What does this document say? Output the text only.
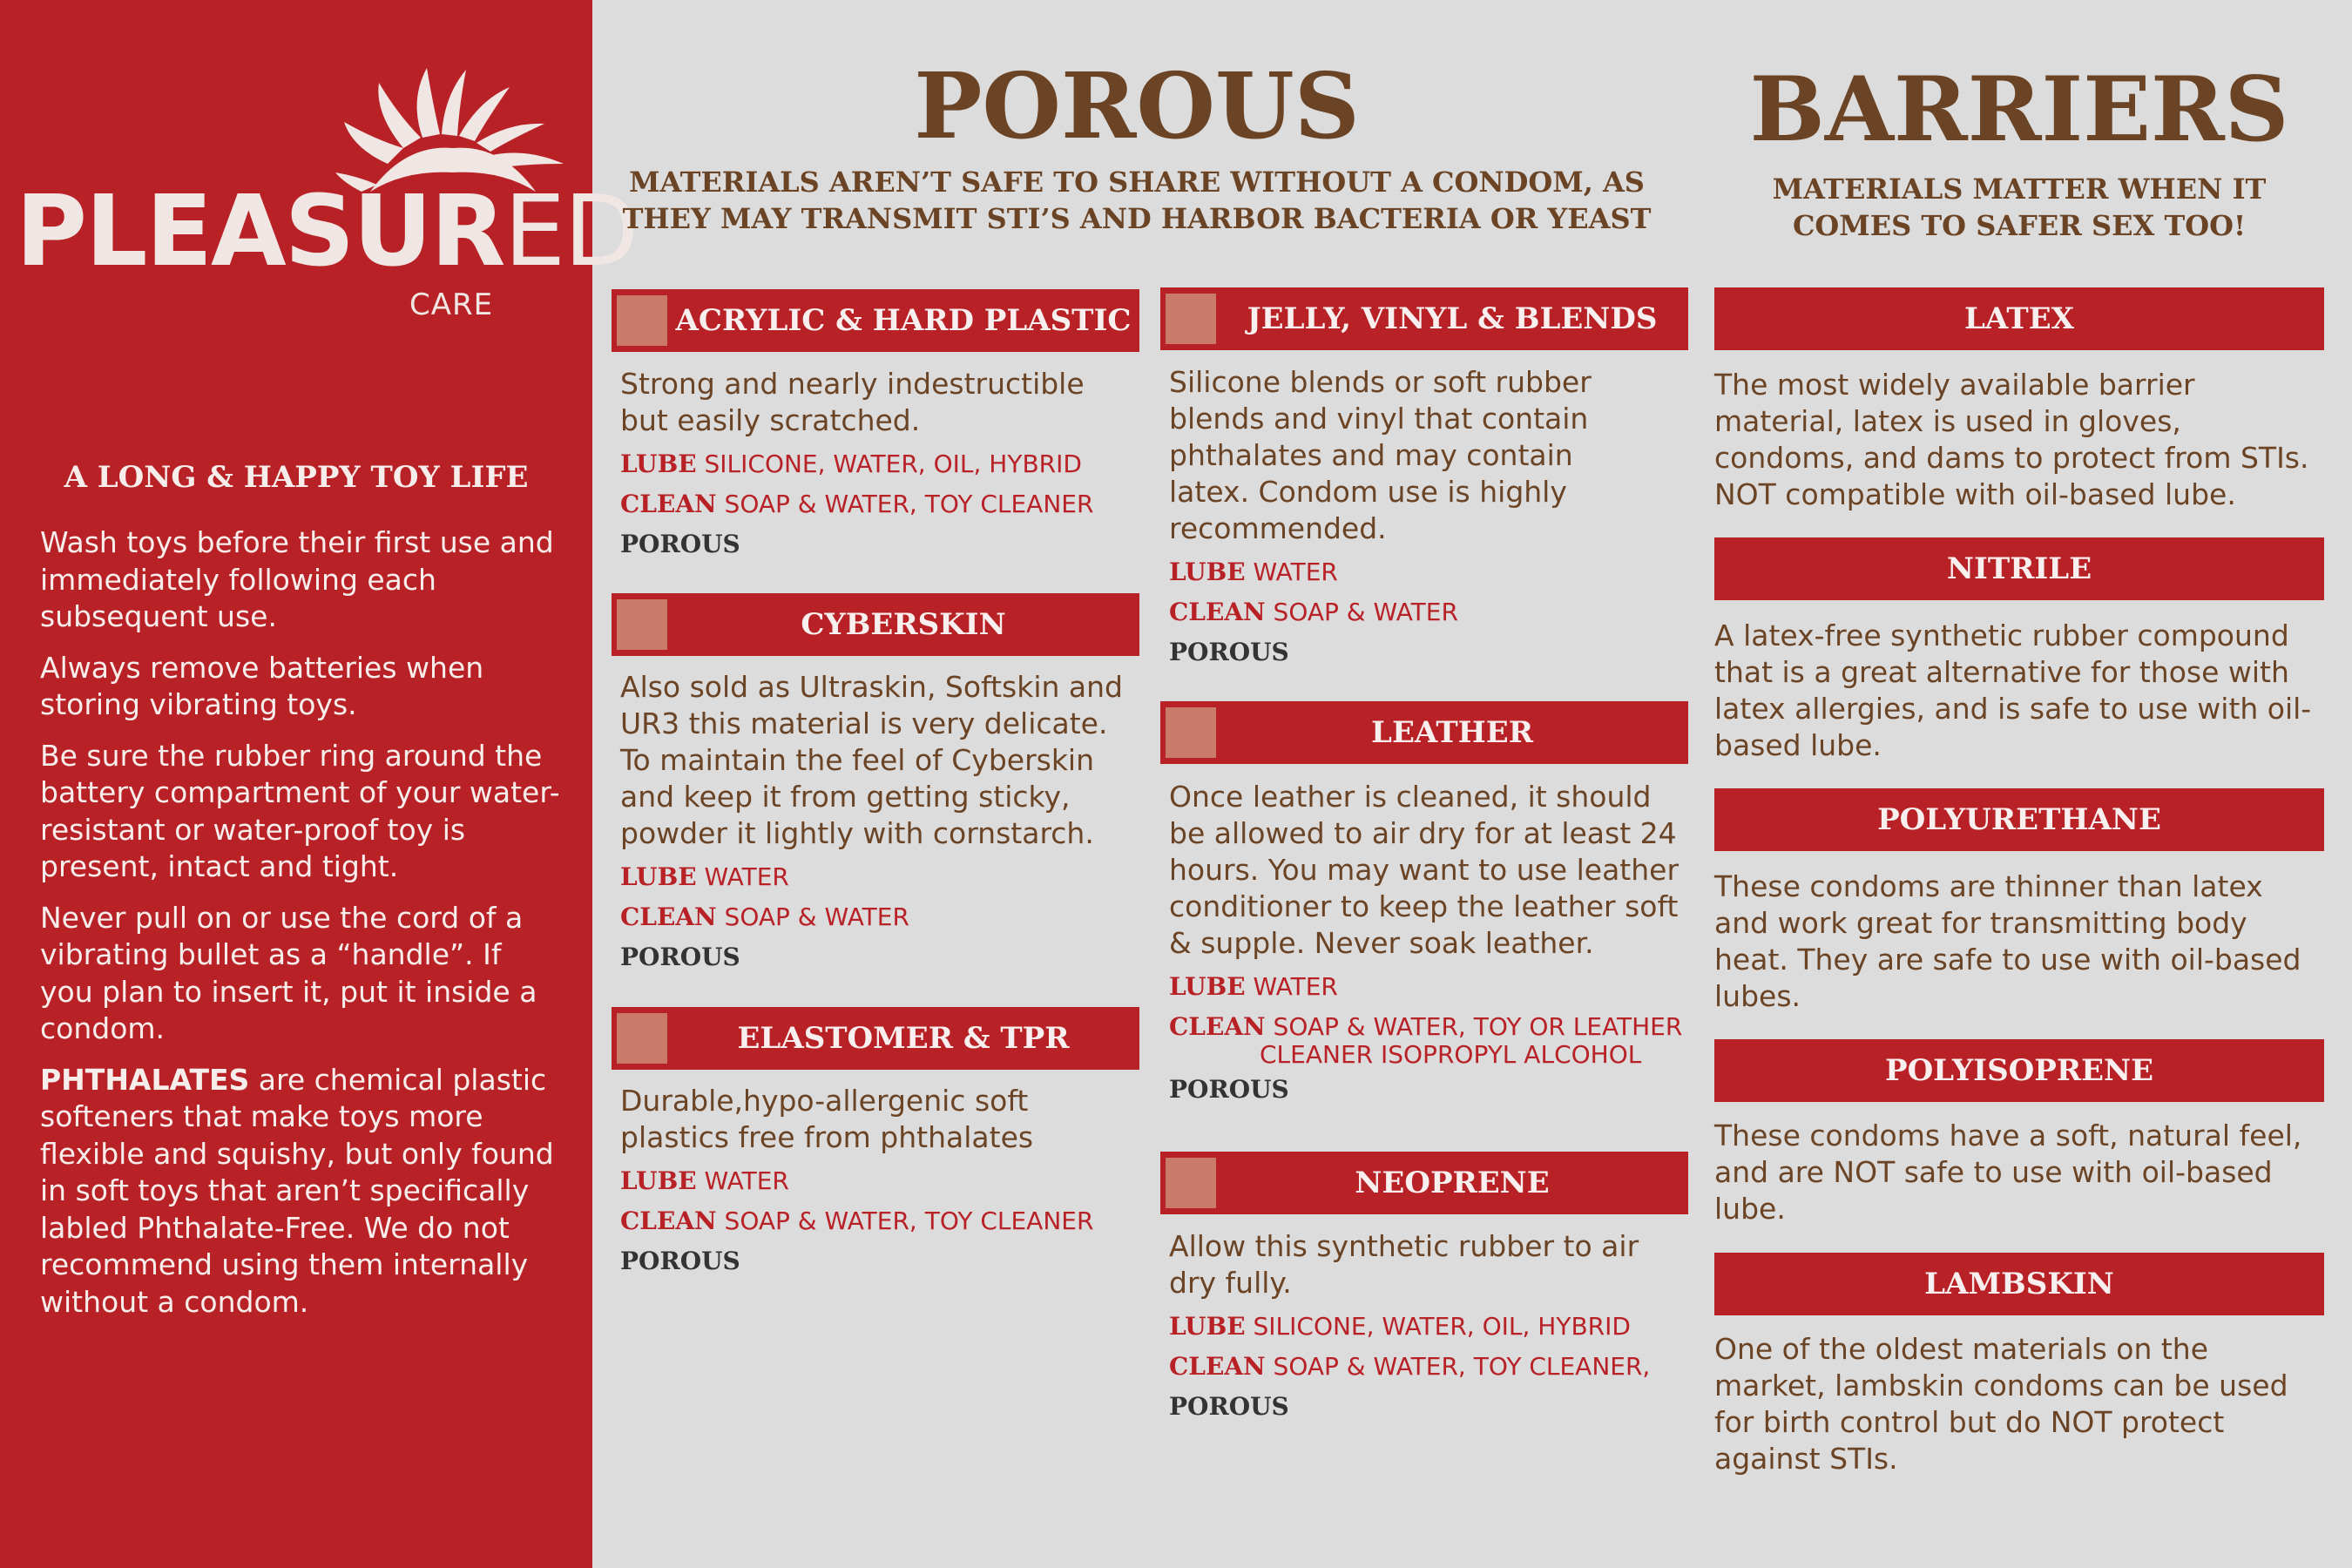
PLEASURED
CARE
A LONG & HAPPY TOY LIFE

Wash toys before their first use and immediately following each subsequent use.

Always remove batteries when storing vibrating toys.

Be sure the rubber ring around the battery compartment of your water-resistant or water-proof toy is present, intact and tight.

Never pull on or use the cord of a vibrating bullet as a “handle”. If you plan to insert it, put it inside a condom.

PHTHALATES are chemical plastic softeners that make toys more flexible and squishy, but only found in soft toys that aren’t specifically labled Phthalate-Free. We do not recommend using them internally without a condom.

POROUS
MATERIALS AREN’T SAFE TO SHARE WITHOUT A CONDOM, AS
THEY MAY TRANSMIT STI’S AND HARBOR BACTERIA OR YEAST
BARRIERS
MATERIALS MATTER WHEN IT
COMES TO SAFER SEX TOO!
ACRYLIC & HARD PLASTIC

Strong and nearly indestructible but easily scratched.

LUBE SILICONE, WATER, OIL, HYBRID
CLEAN SOAP & WATER, TOY CLEANER
POROUS
CYBERSKIN

Also sold as Ultraskin, Softskin and UR3 this material is very delicate. To maintain the feel of Cyberskin and keep it from getting sticky, powder it lightly with cornstarch.

LUBE WATER
CLEAN SOAP & WATER
POROUS
ELASTOMER & TPR

Durable,hypo-allergenic soft plastics free from phthalates

LUBE WATER
CLEAN SOAP & WATER, TOY CLEANER
POROUS
JELLY, VINYL & BLENDS

Silicone blends or soft rubber blends and vinyl that contain phthalates and may contain latex. Condom use is highly recommended.

LUBE WATER
CLEAN SOAP & WATER
POROUS
LEATHER

Once leather is cleaned, it should be allowed to air dry for at least 24 hours. You may want to use leather conditioner to keep the leather soft & supple. Never soak leather.

LUBE WATER
CLEAN SOAP & WATER, TOY OR LEATHER
CLEANER ISOPROPYL ALCOHOL
POROUS
NEOPRENE

Allow this synthetic rubber to air dry fully.

LUBE SILICONE, WATER, OIL, HYBRID
CLEAN SOAP & WATER, TOY CLEANER,
POROUS
LATEX
The most widely available barrier material, latex is used in gloves, condoms, and dams to protect from STIs. NOT compatible with oil-based lube.
NITRILE
A latex-free synthetic rubber compound that is a great alternative for those with latex allergies, and is safe to use with oil-based lube.
POLYURETHANE
These condoms are thinner than latex and work great for transmitting body heat. They are safe to use with oil-based lubes.
POLYISOPRENE
These condoms have a soft, natural feel, and are NOT safe to use with oil-based lube.
LAMBSKIN
One of the oldest materials on the market, lambskin condoms can be used for birth control but do NOT protect against STIs.
